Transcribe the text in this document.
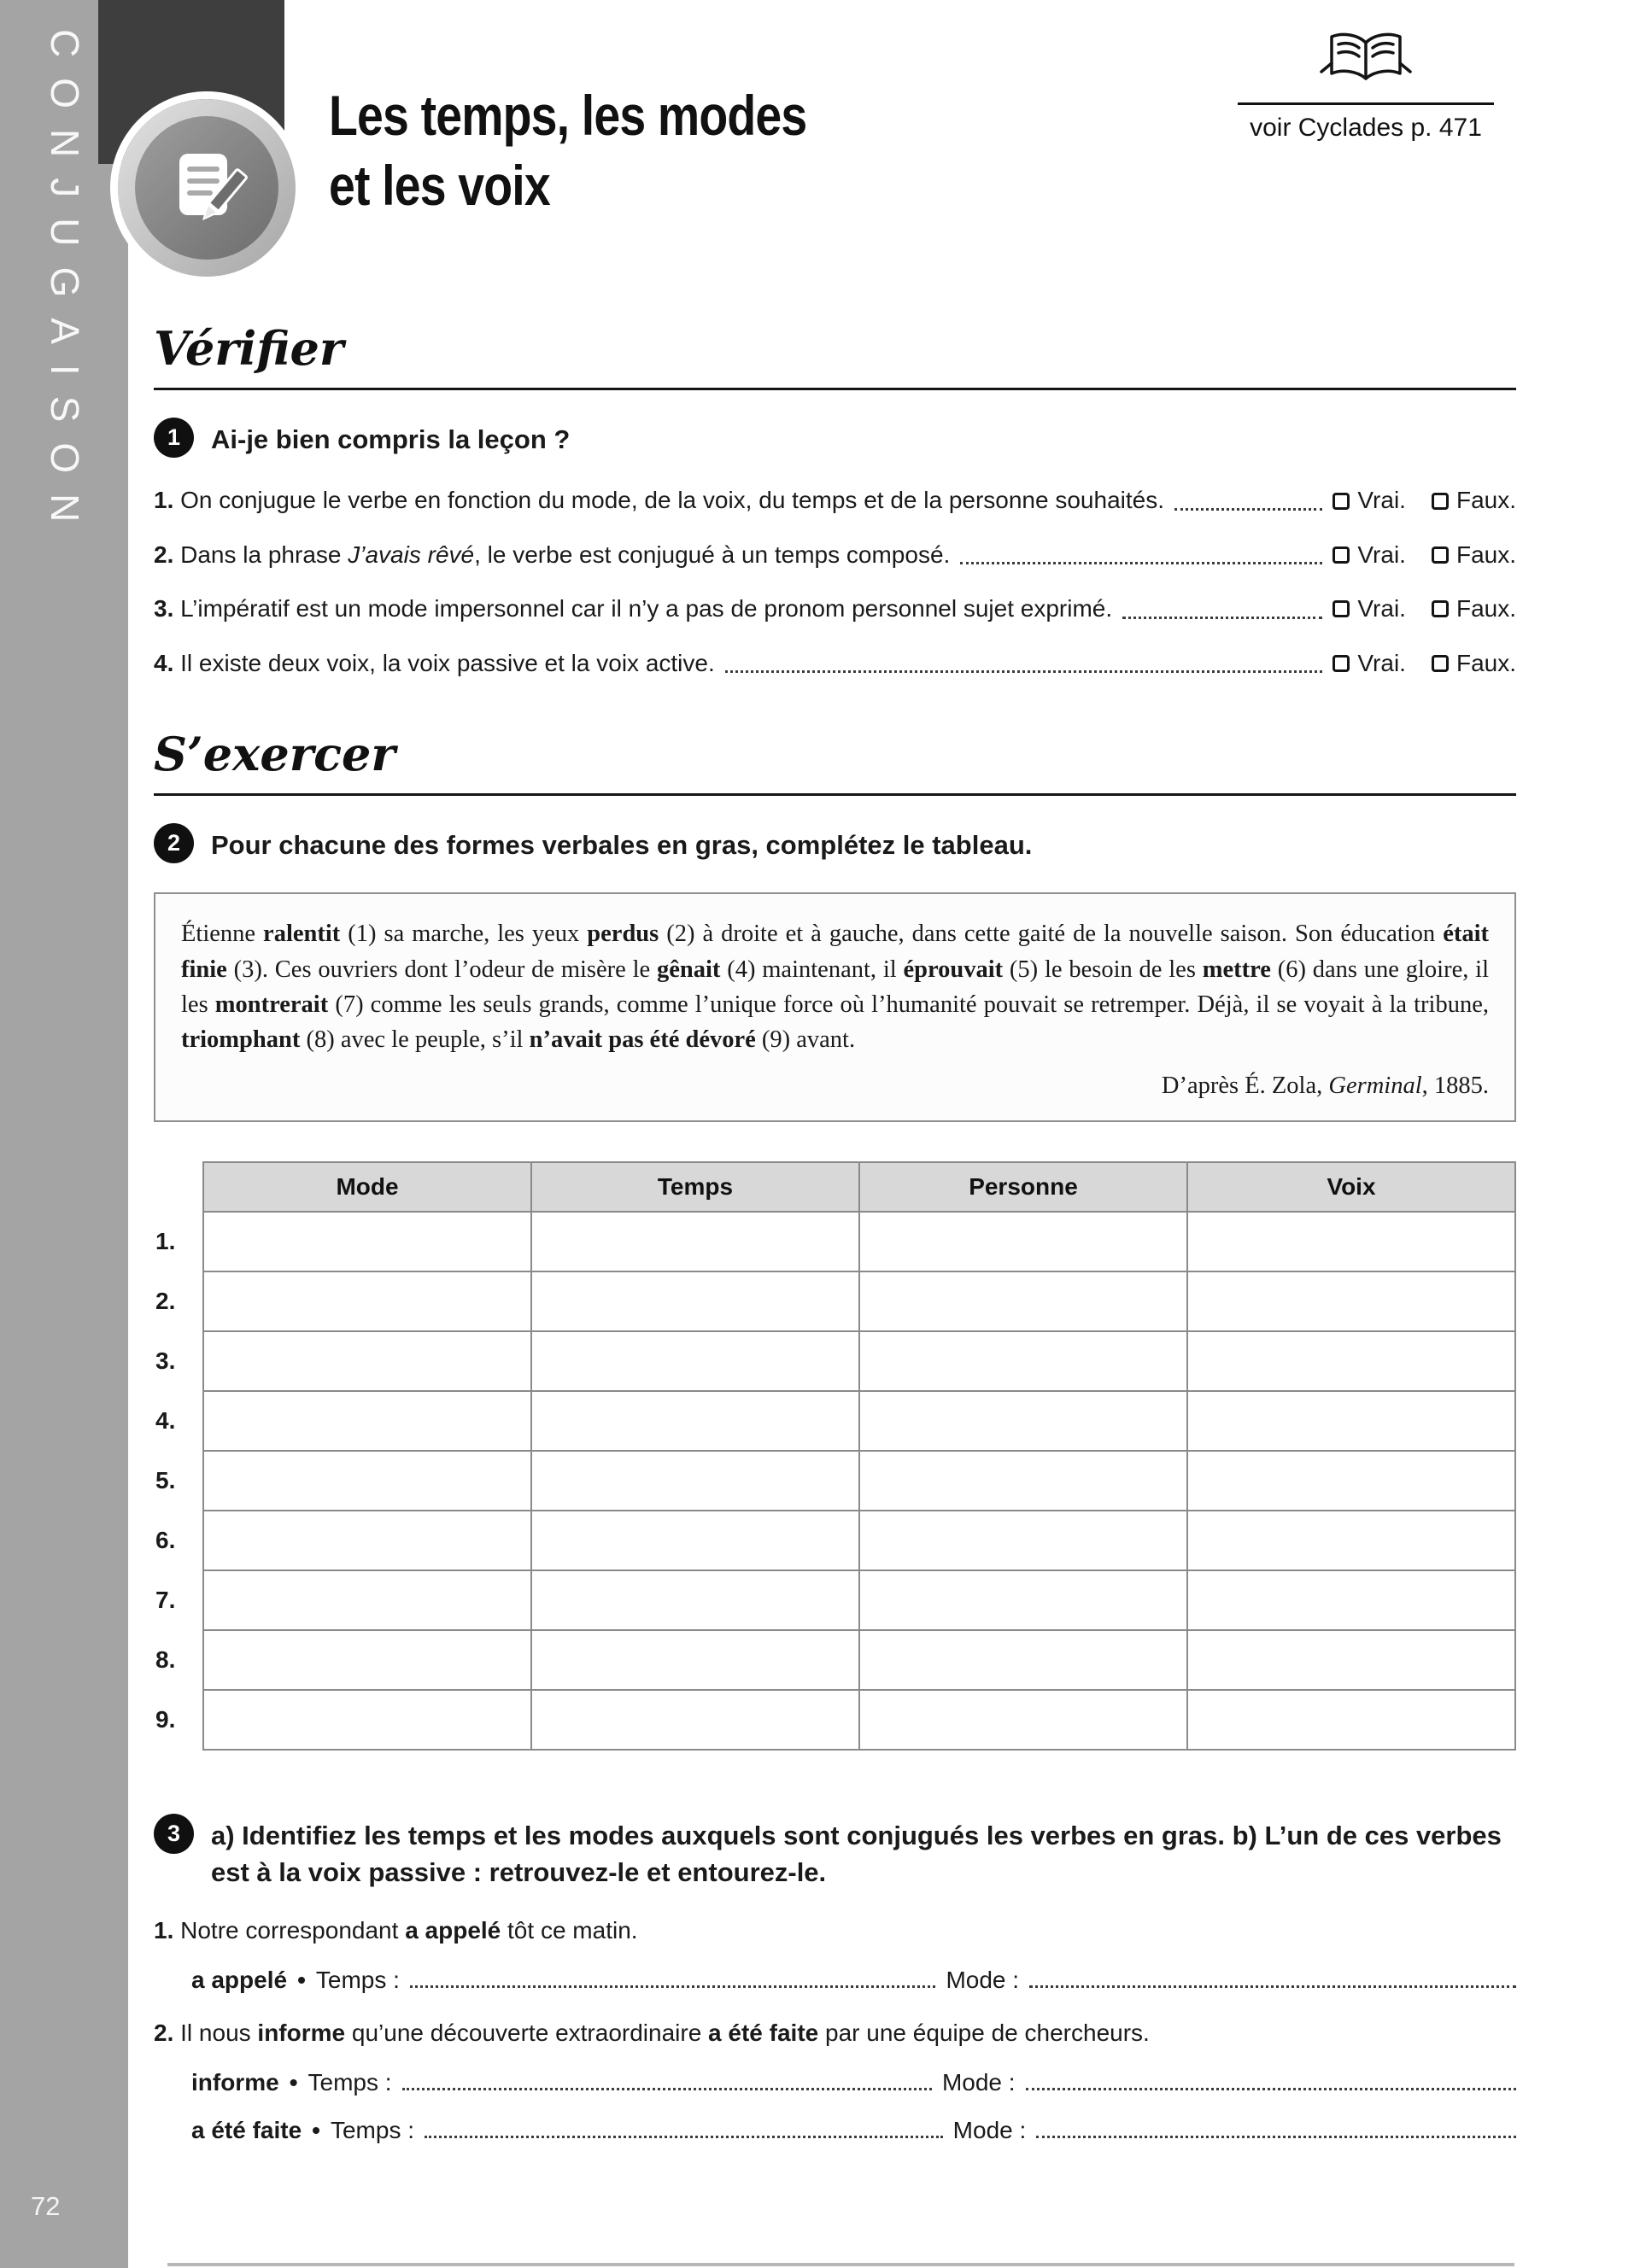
CONJUGAISON
72
Les temps, les modes
et les voix
voir Cyclades p. 471
Vérifier
1	Ai-je bien compris la leçon ?
1. On conjugue le verbe en fonction du mode, de la voix, du temps et de la personne souhaités.	Vrai. Faux.
2. Dans la phrase J’avais rêvé, le verbe est conjugué à un temps composé.	Vrai. Faux.
3. L’impératif est un mode impersonnel car il n’y a pas de pronom personnel sujet exprimé.	Vrai. Faux.
4. Il existe deux voix, la voix passive et la voix active.	Vrai. Faux.
S’exercer
2	Pour chacune des formes verbales en gras, complétez le tableau.
Étienne ralentit (1) sa marche, les yeux perdus (2) à droite et à gauche, dans cette gaité de la nouvelle saison. Son éducation était finie (3). Ces ouvriers dont l’odeur de misère le gênait (4) maintenant, il éprouvait (5) le besoin de les mettre (6) dans une gloire, il les montrerait (7) comme les seuls grands, comme l’unique force où l’humanité pouvait se retremper. Déjà, il se voyait à la tribune, triomphant (8) avec le peuple, s’il n’avait pas été dévoré (9) avant.
D’après É. Zola, Germinal, 1885.
	Mode	Temps	Personne	Voix
1.				
2.				
3.				
4.				
5.				
6.				
7.				
8.				
9.				
3	a) Identifiez les temps et les modes auxquels sont conjugués les verbes en gras. b) L’un de ces verbes est à la voix passive : retrouvez-le et entourez-le.
1. Notre correspondant a appelé tôt ce matin.
a appelé • Temps :	Mode :
2. Il nous informe qu’une découverte extraordinaire a été faite par une équipe de chercheurs.
informe • Temps :	Mode :
a été faite • Temps :	Mode :
